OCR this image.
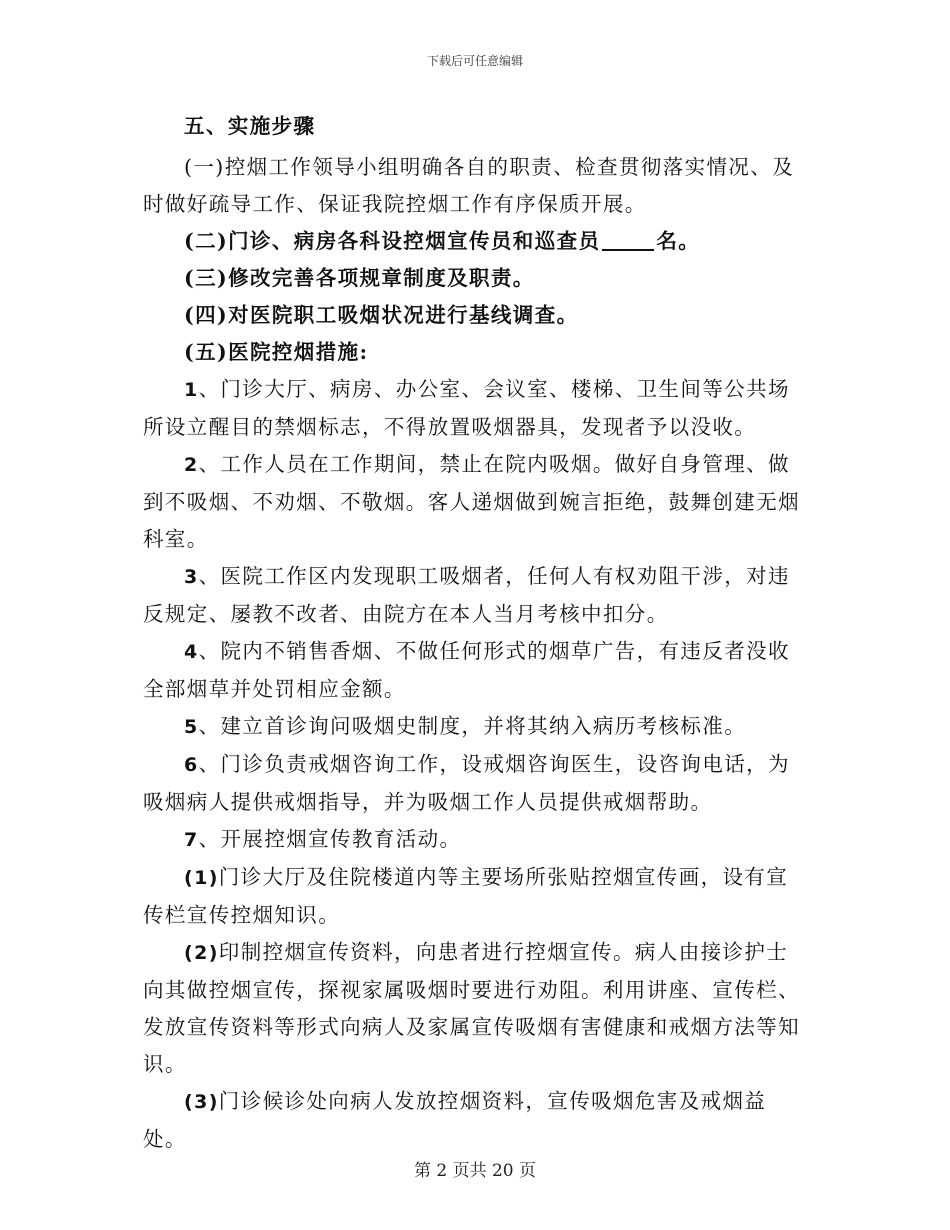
下载后可任意编辑

五、实施步骤

(一)控烟工作领导小组明确各自的职责、检查贯彻落实情况、及时做好疏导工作、保证我院控烟工作有序保质开展。

(二)门诊、病房各科设控烟宣传员和巡查员	名。

(三)修改完善各项规章制度及职责。

(四)对医院职工吸烟状况进行基线调查。

(五)医院控烟措施:

1、门诊大厅、病房、办公室、会议室、楼梯、卫生间等公共场所设立醒目的禁烟标志，不得放置吸烟器具，发现者予以没收。

2、工作人员在工作期间，禁止在院内吸烟。做好自身管理、做到不吸烟、不劝烟、不敬烟。客人递烟做到婉言拒绝，鼓舞创建无烟科室。

3、医院工作区内发现职工吸烟者，任何人有权劝阻干涉，对违反规定、屡教不改者、由院方在本人当月考核中扣分。

4、院内不销售香烟、不做任何形式的烟草广告，有违反者没收全部烟草并处罚相应金额。

5、建立首诊询问吸烟史制度，并将其纳入病历考核标准。

6、门诊负责戒烟咨询工作，设戒烟咨询医生，设咨询电话，为吸烟病人提供戒烟指导，并为吸烟工作人员提供戒烟帮助。

7、开展控烟宣传教育活动。

(1)门诊大厅及住院楼道内等主要场所张贴控烟宣传画，设有宣传栏宣传控烟知识。

(2)印制控烟宣传资料，向患者进行控烟宣传。病人由接诊护士向其做控烟宣传，探视家属吸烟时要进行劝阻。利用讲座、宣传栏、发放宣传资料等形式向病人及家属宣传吸烟有害健康和戒烟方法等知识。

(3)门诊候诊处向病人发放控烟资料，宣传吸烟危害及戒烟益处。

第 2 页共 20 页
